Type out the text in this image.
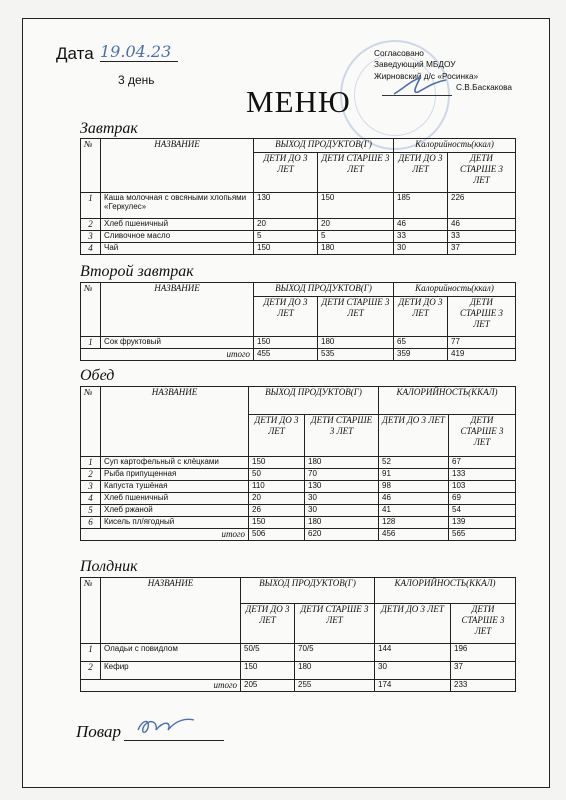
Дата 19.04.23
3 день
Согласовано
Заведующий МБДОУ
Жирновский д/с «Росинка»
С.В.Баскакова
МЕНЮ
Завтрак
№	НАЗВАНИЕ	ВЫХОД ПРОДУКТОВ(Г)		Калорийность(ккал)	
		ДЕТИ ДО 3 ЛЕТ	ДЕТИ СТАРШЕ 3 ЛЕТ	ДЕТИ ДО 3 ЛЕТ	ДЕТИ СТАРШЕ 3 ЛЕТ
1	Каша молочная с овсяными хлопьями «Геркулес»	130	150	185	226
2	Хлеб пшеничный	20	20	46	46
3	Сливочное масло	5	5	33	33
4	Чай	150	180	30	37
Второй завтрак
№	НАЗВАНИЕ	ВЫХОД ПРОДУКТОВ(Г)		Калорийность(ккал)	
		ДЕТИ ДО 3 ЛЕТ	ДЕТИ СТАРШЕ 3 ЛЕТ	ДЕТИ ДО 3 ЛЕТ	ДЕТИ СТАРШЕ 3 ЛЕТ
1	Сок фруктовый	150	180	65	77
итого		455	535	359	419
Обед
№	НАЗВАНИЕ	ВЫХОД ПРОДУКТОВ(Г)		КАЛОРИЙНОСТЬ(ККАЛ)	
		ДЕТИ ДО 3 ЛЕТ	ДЕТИ СТАРШЕ 3 ЛЕТ	ДЕТИ ДО 3 ЛЕТ	ДЕТИ СТАРШЕ 3 ЛЕТ
1	Суп картофельный с клёцками	150	180	52	67
2	Рыба припущенная	50	70	91	133
3	Капуста тушёная	110	130	98	103
4	Хлеб пшеничный	20	30	46	69
5	Хлеб ржаной	26	30	41	54
6	Кисель пл/ягодный	150	180	128	139
итого		506	620	456	565
Полдник
№	НАЗВАНИЕ	ВЫХОД ПРОДУКТОВ(Г)		КАЛОРИЙНОСТЬ(ККАЛ)	
		ДЕТИ ДО 3 ЛЕТ	ДЕТИ СТАРШЕ 3 ЛЕТ	ДЕТИ ДО 3 ЛЕТ	ДЕТИ СТАРШЕ 3 ЛЕТ
1	Оладьи с повидлом	50/5	70/5	144	196
2	Кефир	150	180	30	37
итого		205	255	174	233
Повар
